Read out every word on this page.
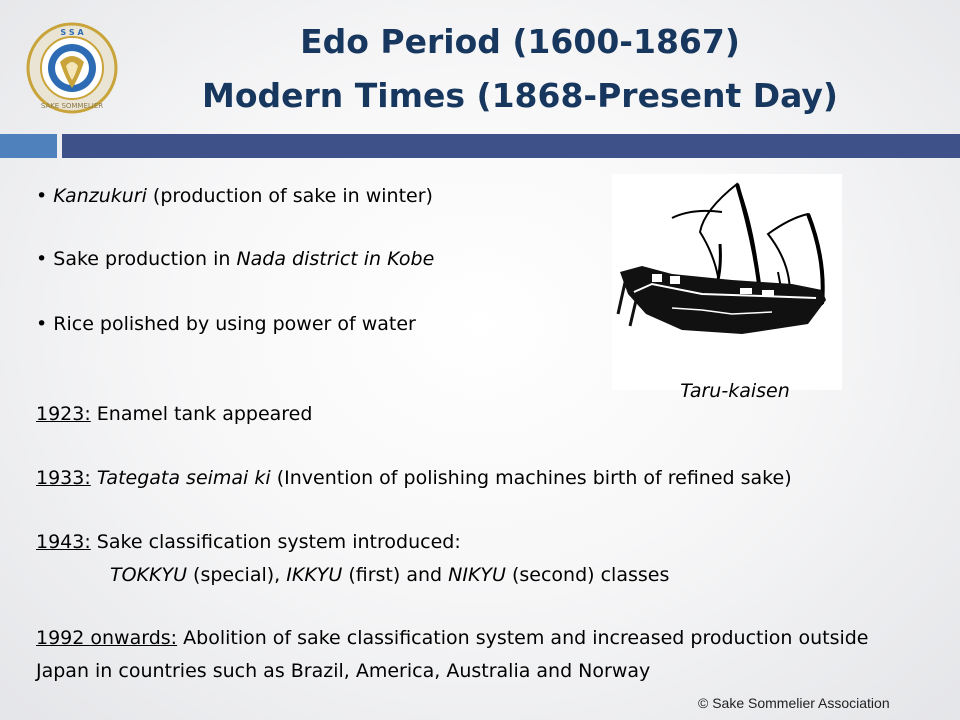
S S A
SAKE SOMMELIER
Edo Period (1600-1867)
Modern Times (1868-Present Day)
• Kanzukuri (production of sake in winter)
• Sake production in Nada district in Kobe
• Rice polished by using power of water
Taru-kaisen
1923: Enamel tank appeared
1933: Tategata seimai ki (Invention of polishing machines birth of refined sake)
1943: Sake classification system introduced:
TOKKYU (special), IKKYU (first) and NIKYU (second) classes
1992 onwards: Abolition of sake classification system and increased production outside
Japan in countries such as Brazil, America, Australia and Norway
© Sake Sommelier Association
